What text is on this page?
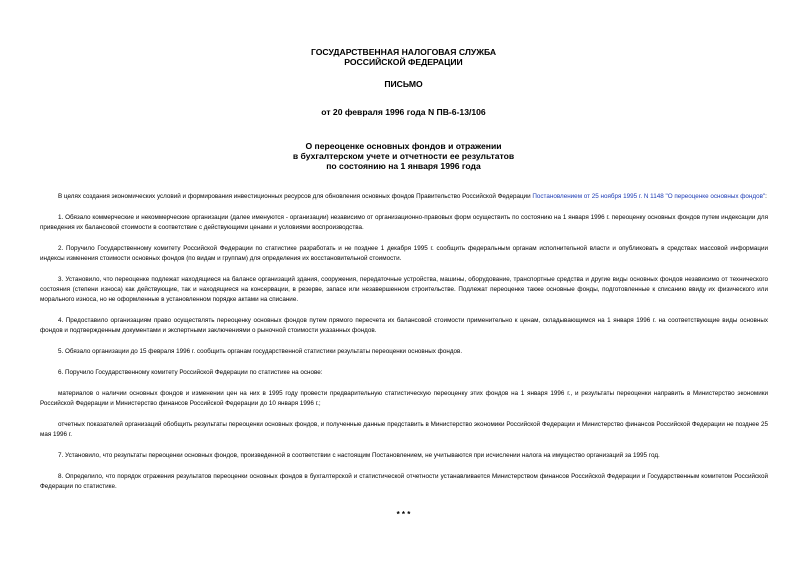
ГОСУДАРСТВЕННАЯ НАЛОГОВАЯ СЛУЖБА

РОССИЙСКОЙ ФЕДЕРАЦИИ

ПИСЬМО

от 20 февраля 1996 года N ПВ-6-13/106

О переоценке основных фондов и отражении

в бухгалтерском учете и отчетности ее результатов

по состоянию на 1 января 1996 года

В целях создания экономических условий и формирования инвестиционных ресурсов для обновления основных фондов Правительство Российской Федерации Постановлением от 25 ноября 1995 г. N 1148 "О переоценке основных фондов":

1. Обязало коммерческие и некоммерческие организации (далее именуются - организации) независимо от организационно-правовых форм осуществить по состоянию на 1 января 1996 г. переоценку основных фондов путем индексации для приведения их балансовой стоимости в соответствие с действующими ценами и условиями воспроизводства.

2. Поручило Государственному комитету Российской Федерации по статистике разработать и не позднее 1 декабря 1995 г. сообщить федеральным органам исполнительной власти и опубликовать в средствах массовой информации индексы изменения стоимости основных фондов (по видам и группам) для определения их восстановительной стоимости.

3. Установило, что переоценке подлежат находящиеся на балансе организаций здания, сооружения, передаточные устройства, машины, оборудование, транспортные средства и другие виды основных фондов независимо от технического состояния (степени износа) как действующие, так и находящиеся на консервации, в резерве, запасе или незавершенном строительстве. Подлежат переоценке также основные фонды, подготовленные к списанию ввиду их физического или морального износа, но не оформленные в установленном порядке актами на списание.

4. Предоставило организациям право осуществлять переоценку основных фондов путем прямого пересчета их балансовой стоимости применительно к ценам, складывающимся на 1 января 1996 г. на соответствующие виды основных фондов и подтвержденным документами и экспертными заключениями о рыночной стоимости указанных фондов.

5. Обязало организации до 15 февраля 1996 г. сообщить органам государственной статистики результаты переоценки основных фондов.

6. Поручило Государственному комитету Российской Федерации по статистике на основе:

материалов о наличии основных фондов и изменении цен на них в 1995 году провести предварительную статистическую переоценку этих фондов на 1 января 1996 г., и результаты переоценки направить в Министерство экономики Российской Федерации и Министерство финансов Российской Федерации до 10 января 1996 г.;

отчетных показателей организаций обобщить результаты переоценки основных фондов, и полученные данные представить в Министерство экономики Российской Федерации и Министерство финансов Российской Федерации не позднее 25 мая 1996 г.

7. Установило, что результаты переоценки основных фондов, произведенной в соответствии с настоящим Постановлением, не учитываются при исчислении налога на имущество организаций за 1995 год.

8. Определило, что порядок отражения результатов переоценки основных фондов в бухгалтерской и статистической отчетности устанавливается Министерством финансов Российской Федерации и Государственным комитетом Российской Федерации по статистике.

* * *
